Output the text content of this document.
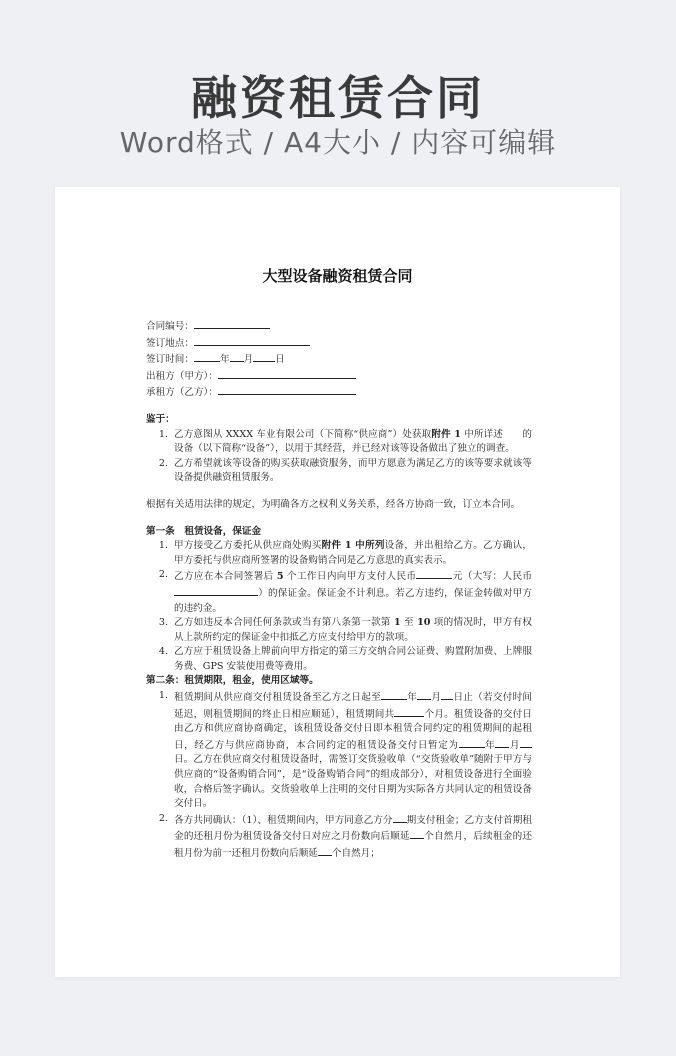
融资租赁合同
Word格式 / A4大小 / 内容可编辑
大型设备融资租赁合同
合同编号：
签订地点：
签订时间：	年 月 日
出租方（甲方）：
承租方（乙方）：
鉴于：
1. 乙方意图从 XXXX 车业有限公司（下简称“供应商”）处获取附件 1 中所详述　　的设备（以下简称“设备”），以用于其经营，并已经对该等设备做出了独立的调查。
2. 乙方希望就该等设备的购买获取融资服务，而甲方愿意为满足乙方的该等要求就该等设备提供融资租赁服务。
根据有关适用法律的规定，为明确各方之权利义务关系，经各方协商一致，订立本合同。
第一条　租赁设备，保证金
1. 甲方接受乙方委托从供应商处购买附件 1 中所列设备，并出租给乙方。乙方确认，甲方委托与供应商所签署的设备购销合同是乙方意思的真实表示。
2. 乙方应在本合同签署后 5 个工作日内向甲方支付人民币	元（大写：人民币）的保证金。保证金不计利息。若乙方违约，保证金转做对甲方的违约金。
3. 乙方如违反本合同任何条款或当有第八条第一款第 1 至 10 项的情况时，甲方有权从上款所约定的保证金中扣抵乙方应支付给甲方的款项。
4. 乙方应于租赁设备上牌前向甲方指定的第三方交纳合同公证费、购置附加费、上牌服务费、GPS 安装使用费等费用。
第二条：租赁期限，租金，使用区域等。
1. 租赁期间从供应商交付租赁设备至乙方之日起至	年 月 日止（若交付时间延迟，则租赁期间的终止日相应顺延），租赁期间共	个月。租赁设备的交付日由乙方和供应商协商确定，该租赁设备交付日即本租赁合同约定的租赁期间的起租日，经乙方与供应商协商，本合同约定的租赁设备交付日暂定为	年 月日。乙方在供应商交付租赁设备时，需签订交货验收单（“交货验收单”随附于甲方与供应商的“设备购销合同”，是“设备购销合同”的组成部分），对租赁设备进行全面验收，合格后签字确认。交货验收单上注明的交付日期为实际各方共同认定的租赁设备交付日。
2. 各方共同确认：（1）、租赁期间内，甲方同意乙方分 期支付租金；乙方支付首期租金的还租月份为租赁设备交付日对应之月份数向后顺延 个自然月，后续租金的还租月份为前一还租月份数向后顺延 个自然月；
